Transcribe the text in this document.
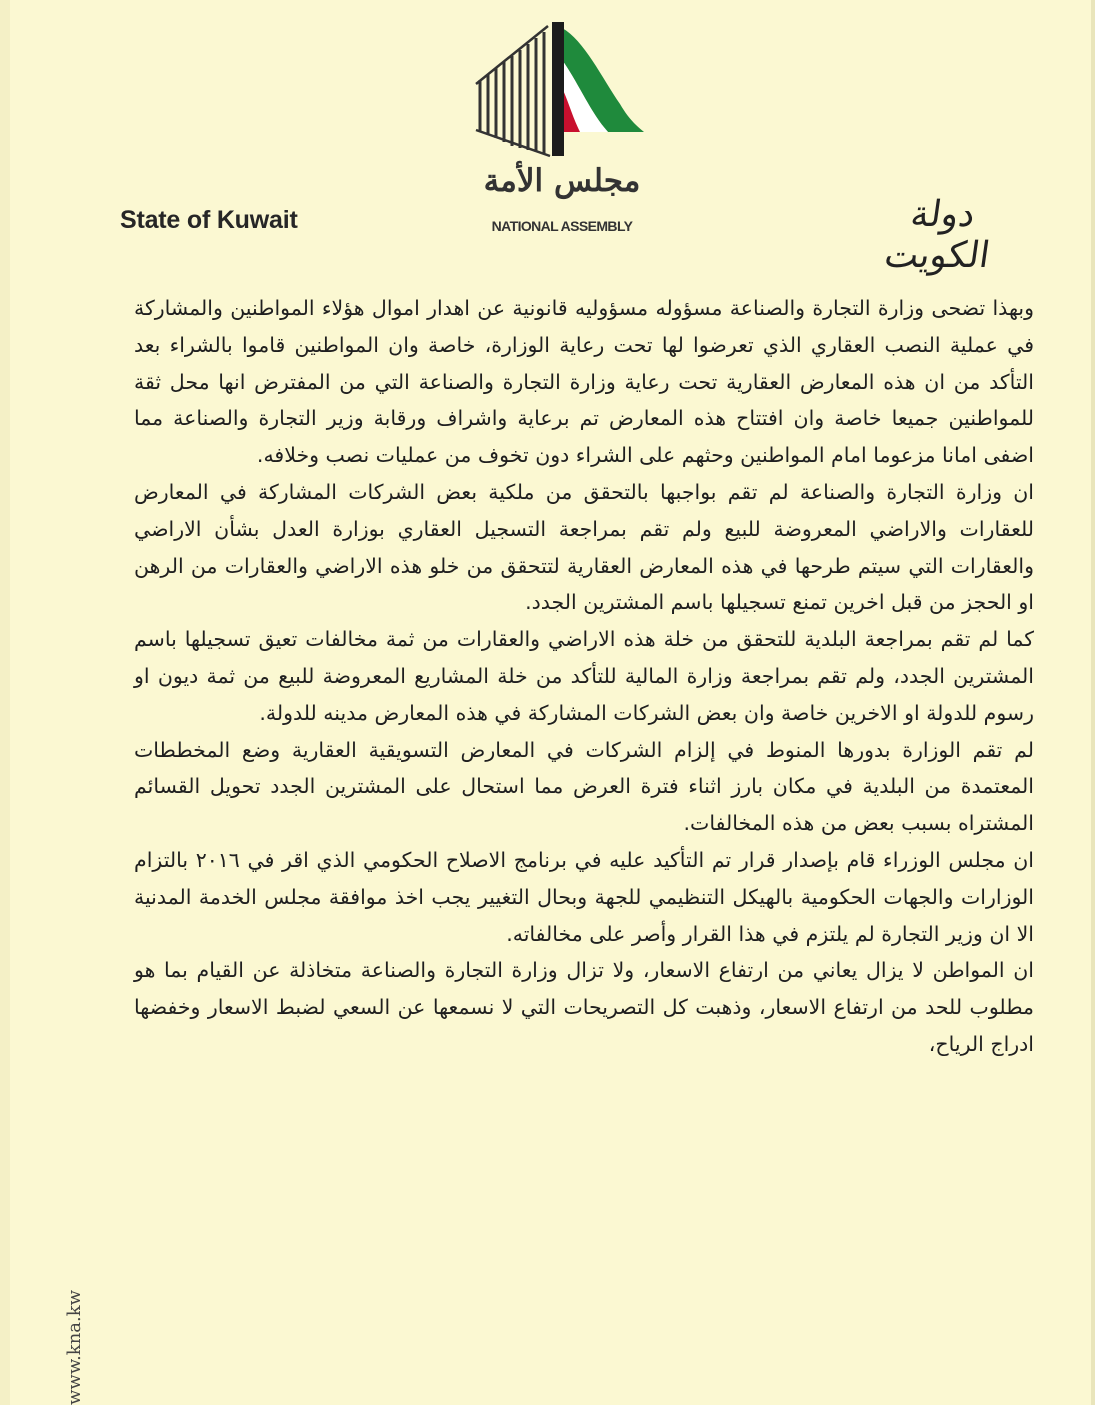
State of Kuwait
مجلس الأمة
NATIONAL ASSEMBLY	دولة الكويت

وبهذا تضحى وزارة التجارة والصناعة مسؤوله مسؤوليه قانونية عن اهدار اموال هؤلاء المواطنين والمشاركة في عملية النصب العقاري الذي تعرضوا لها تحت رعاية الوزارة، خاصة وان المواطنين قاموا بالشراء بعد التأكد من ان هذه المعارض العقارية تحت رعاية وزارة التجارة والصناعة التي من المفترض انها محل ثقة للمواطنين جميعا خاصة وان افتتاح هذه المعارض تم برعاية واشراف ورقابة وزير التجارة والصناعة مما اضفى امانا مزعوما امام المواطنين وحثهم على الشراء دون تخوف من عمليات نصب وخلافه.

ان وزارة التجارة والصناعة لم تقم بواجبها بالتحقق من ملكية بعض الشركات المشاركة في المعارض للعقارات والاراضي المعروضة للبيع ولم تقم بمراجعة التسجيل العقاري بوزارة العدل بشأن الاراضي والعقارات التي سيتم طرحها في هذه المعارض العقارية لتتحقق من خلو هذه الاراضي والعقارات من الرهن او الحجز من قبل اخرين تمنع تسجيلها باسم المشترين الجدد.

كما لم تقم بمراجعة البلدية للتحقق من خلة هذه الاراضي والعقارات من ثمة مخالفات تعيق تسجيلها باسم المشترين الجدد، ولم تقم بمراجعة وزارة المالية للتأكد من خلة المشاريع المعروضة للبيع من ثمة ديون او رسوم للدولة او الاخرين خاصة وان بعض الشركات المشاركة في هذه المعارض مدينه للدولة.

لم تقم الوزارة بدورها المنوط في إلزام الشركات في المعارض التسويقية العقارية وضع المخططات المعتمدة من البلدية في مكان بارز اثناء فترة العرض مما استحال على المشترين الجدد تحويل القسائم المشتراه بسبب بعض من هذه المخالفات.

ان مجلس الوزراء قام بإصدار قرار تم التأكيد عليه في برنامج الاصلاح الحكومي الذي اقر في ٢٠١٦ بالتزام الوزارات والجهات الحكومية بالهيكل التنظيمي للجهة وبحال التغيير يجب اخذ موافقة مجلس الخدمة المدنية الا ان وزير التجارة لم يلتزم في هذا القرار وأصر على مخالفاته.

ان المواطن لا يزال يعاني من ارتفاع الاسعار، ولا تزال وزارة التجارة والصناعة متخاذلة عن القيام بما هو مطلوب للحد من ارتفاع الاسعار، وذهبت كل التصريحات التي لا نسمعها عن السعي لضبط الاسعار وخفضها ادراج الرياح،

www.kna.kw
